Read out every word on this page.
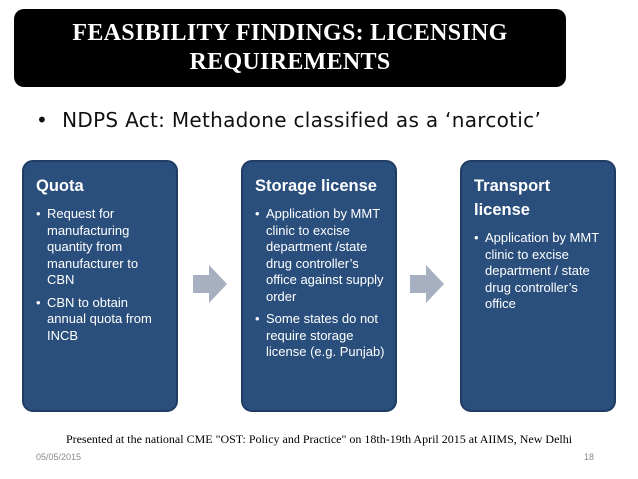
FEASIBILITY FINDINGS: LICENSING REQUIREMENTS
• NDPS Act: Methadone classified as a ‘narcotic’
Quota
• Request for manufacturing quantity from manufacturer to CBN
• CBN to obtain annual quota from INCB
Storage license
• Application by MMT clinic to excise department /state drug controller’s office against supply order
• Some states do not require storage license (e.g. Punjab)
Transport license
• Application by MMT clinic to excise department / state drug controller’s office
Presented at the national CME "OST: Policy and Practice" on 18th-19th April 2015 at AIIMS, New Delhi
05/05/2015	18
